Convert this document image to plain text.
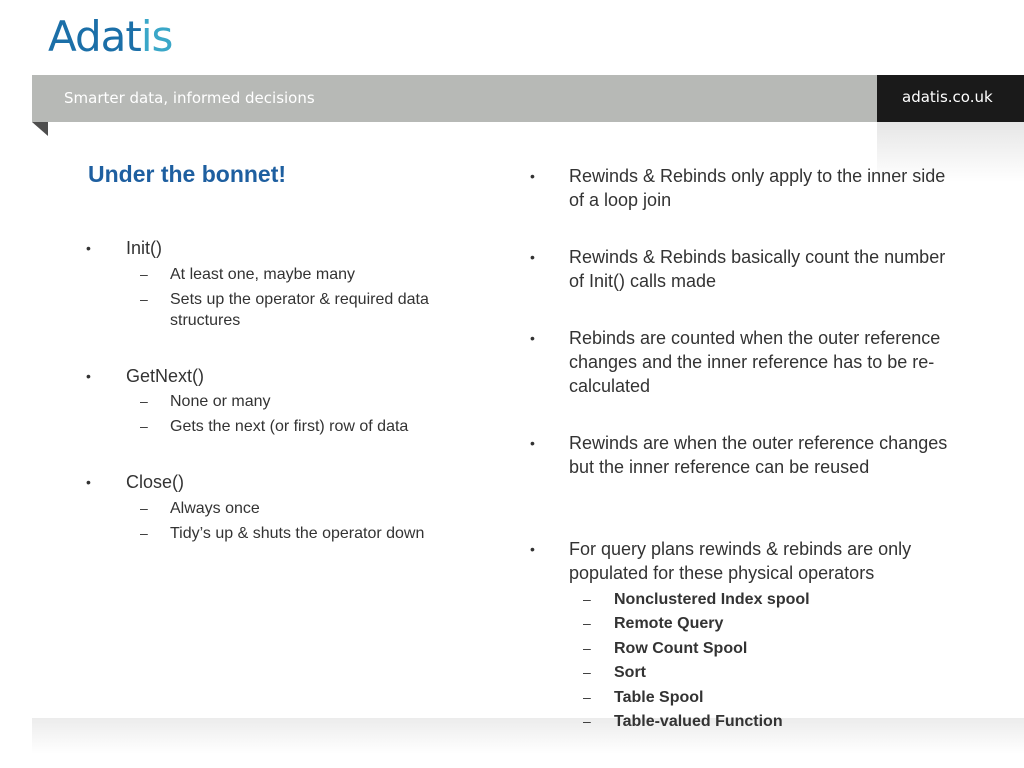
Adatis
Smarter data, informed decisions	adatis.co.uk
Under the bonnet!
• Init()
– At least one, maybe many
– Sets up the operator & required data structures
• GetNext()
– None or many
– Gets the next (or first) row of data
• Close()
– Always once
– Tidy’s up & shuts the operator down
• Rewinds & Rebinds only apply to the inner side of a loop join
• Rewinds & Rebinds basically count the number of Init() calls made
• Rebinds are counted when the outer reference changes and the inner reference has to be re-calculated
• Rewinds are when the outer reference changes but the inner reference can be reused
• For query plans rewinds & rebinds are only populated for these physical operators
– Nonclustered Index spool
– Remote Query
– Row Count Spool
– Sort
– Table Spool
– Table-valued Function
